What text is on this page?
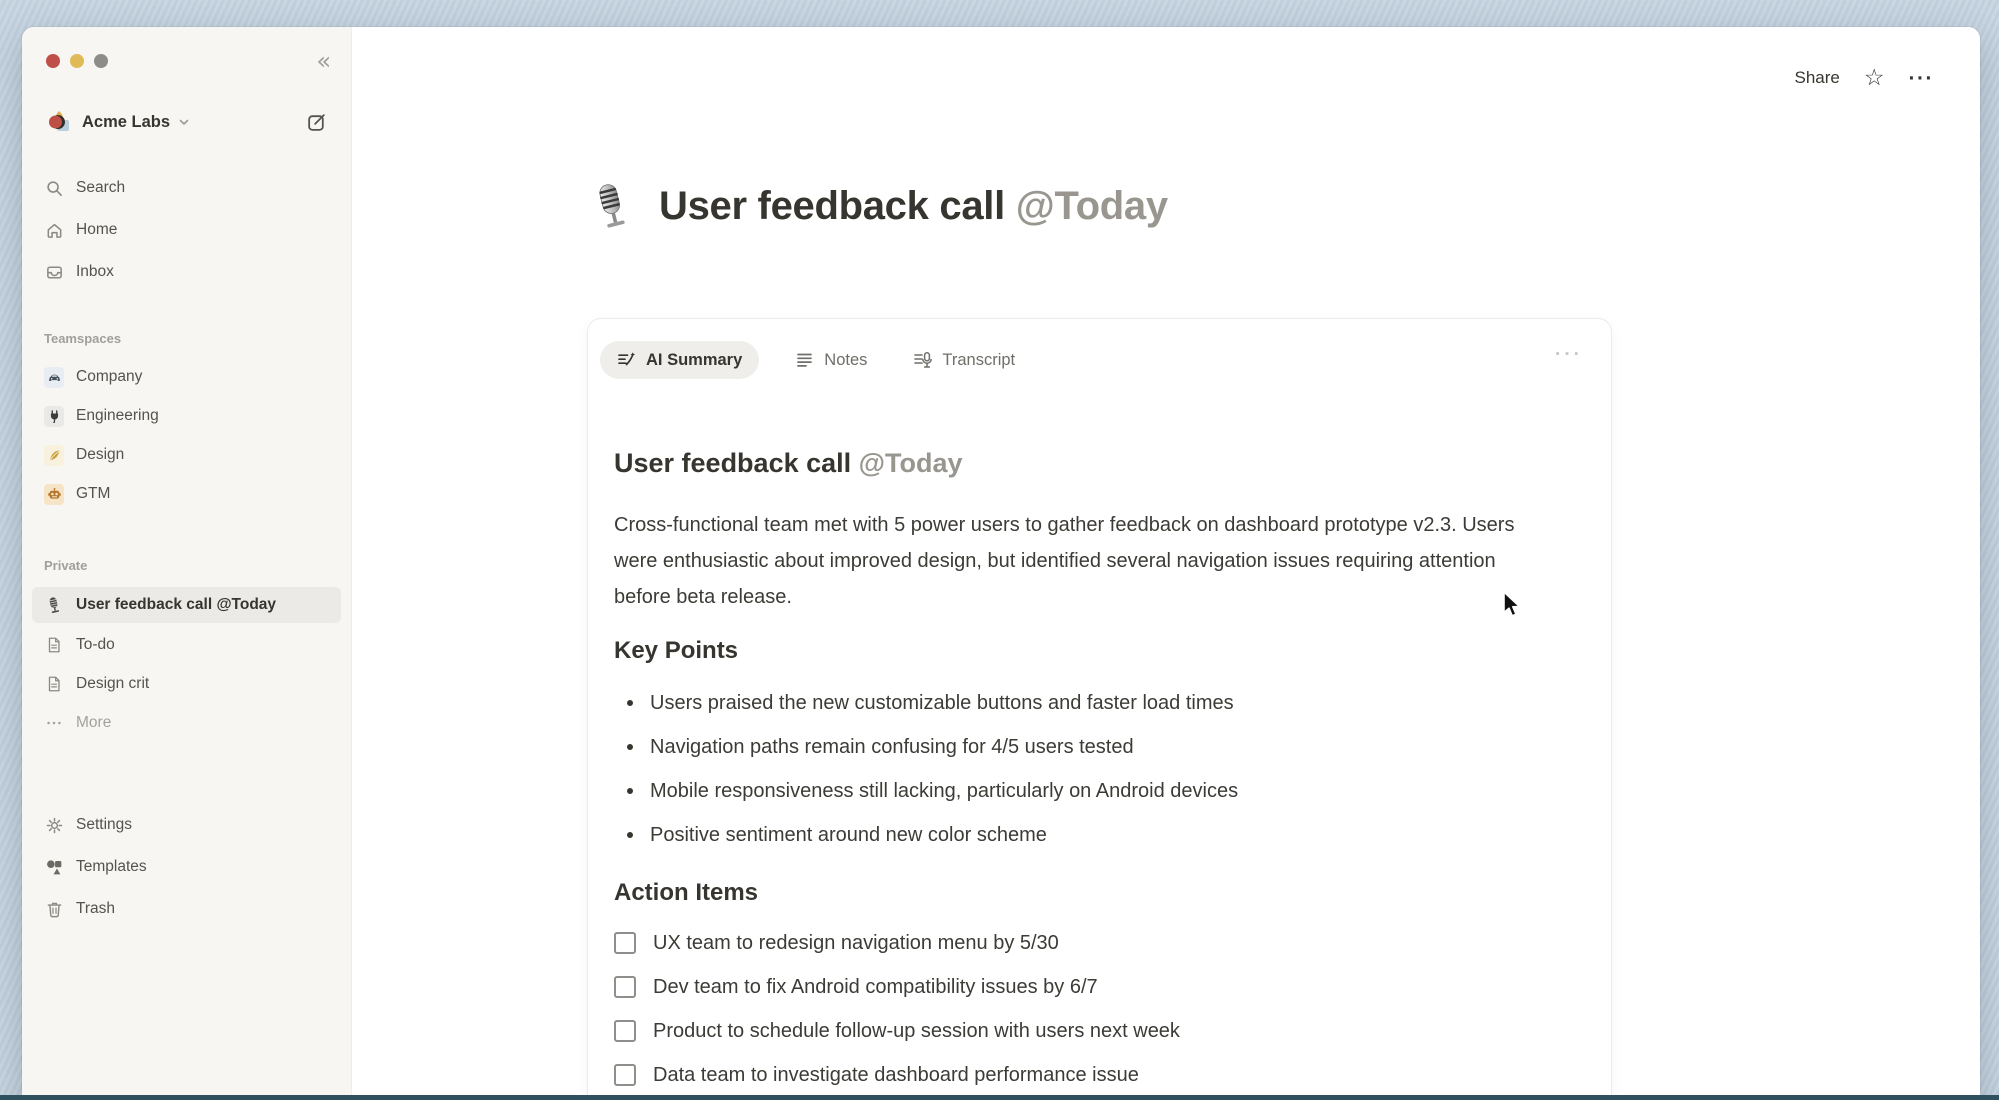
«
Acme Labs
Search
Home
Inbox
Teamspaces
Company
Engineering
Design
GTM
Private
User feedback call @Today
To-do
Design crit
More
Settings
Templates
Trash
Share ☆ ···
User feedback call @Today
···
AI Summary	Notes	Transcript
User feedback call @Today

Cross-functional team met with 5 power users to gather feedback on dashboard prototype v2.3. Users were enthusiastic about improved design, but identified several navigation issues requiring attention before beta release.

Key Points
Users praised the new customizable buttons and faster load times
Navigation paths remain confusing for 4/5 users tested
Mobile responsiveness still lacking, particularly on Android devices
Positive sentiment around new color scheme
Action Items
UX team to redesign navigation menu by 5/30
Dev team to fix Android compatibility issues by 6/7
Product to schedule follow-up session with users next week
Data team to investigate dashboard performance issue
